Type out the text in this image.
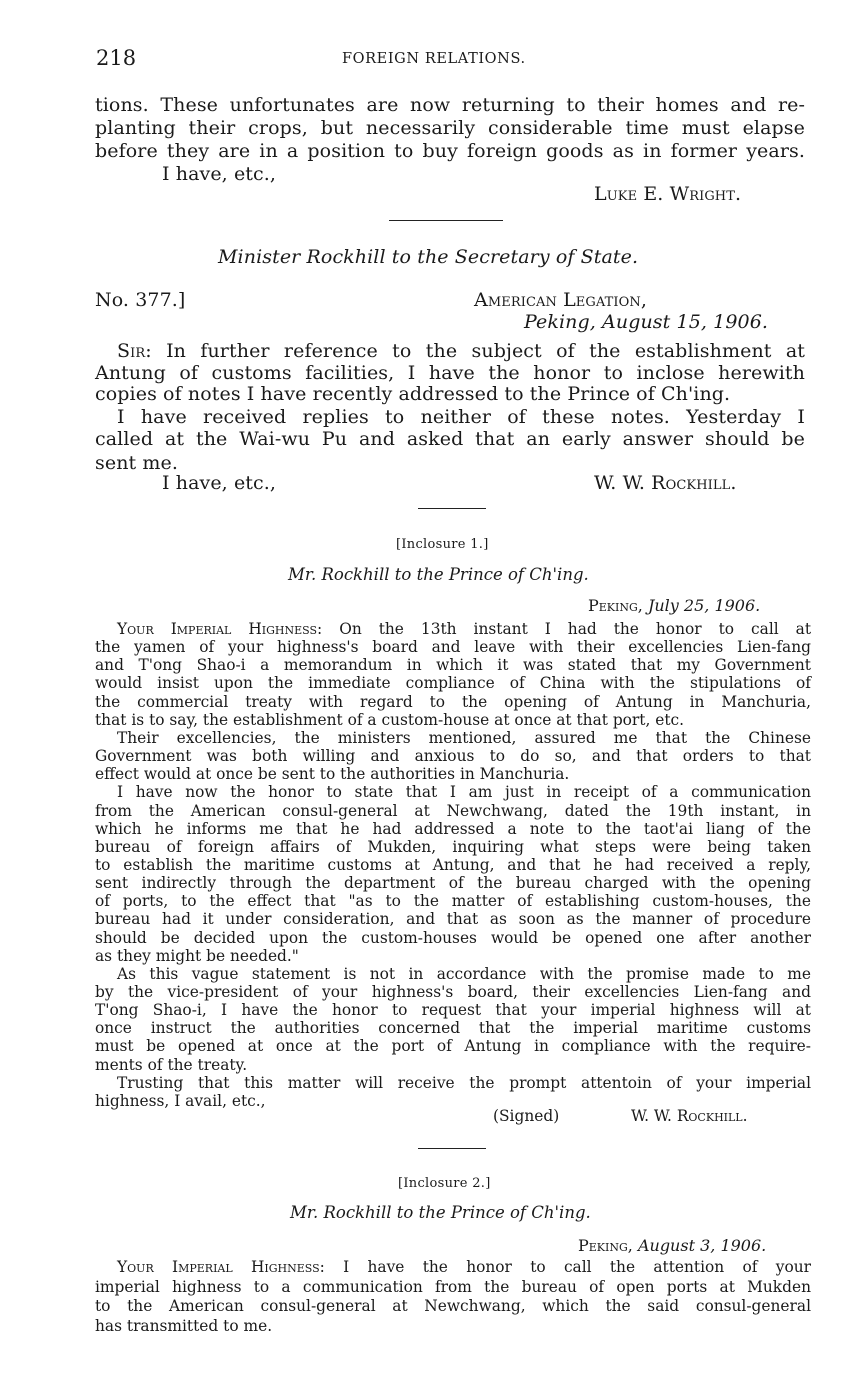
218	FOREIGN RELATIONS.
tions. These unfortunates are now returning to their homes and re-
planting their crops, but necessarily considerable time must elapse
before they are in a position to buy foreign goods as in former years.
I have, etc.,
Luke E. Wright.
Minister Rockhill to the Secretary of State.
No. 377.]	American Legation,
Peking, August 15, 1906.
Sir: In further reference to the subject of the establishment at
Antung of customs facilities, I have the honor to inclose herewith
copies of notes I have recently addressed to the Prince of Ch'ing.
I have received replies to neither of these notes. Yesterday I
called at the Wai-wu Pu and asked that an early answer should be
sent me.
I have, etc.,	W. W. Rockhill.
[Inclosure 1.]
Mr. Rockhill to the Prince of Ch'ing.
Peking, July 25, 1906.
Your Imperial Highness: On the 13th instant I had the honor to call at
the yamen of your highness's board and leave with their excellencies Lien-fang
and T'ong Shao-i a memorandum in which it was stated that my Government
would insist upon the immediate compliance of China with the stipulations of
the commercial treaty with regard to the opening of Antung in Manchuria,
that is to say, the establishment of a custom-house at once at that port, etc.
Their excellencies, the ministers mentioned, assured me that the Chinese
Government was both willing and anxious to do so, and that orders to that
effect would at once be sent to the authorities in Manchuria.
I have now the honor to state that I am just in receipt of a communication
from the American consul-general at Newchwang, dated the 19th instant, in
which he informs me that he had addressed a note to the taot'ai liang of the
bureau of foreign affairs of Mukden, inquiring what steps were being taken
to establish the maritime customs at Antung, and that he had received a reply,
sent indirectly through the department of the bureau charged with the opening
of ports, to the effect that "as to the matter of establishing custom-houses, the
bureau had it under consideration, and that as soon as the manner of procedure
should be decided upon the custom-houses would be opened one after another
as they might be needed."
As this vague statement is not in accordance with the promise made to me
by the vice-president of your highness's board, their excellencies Lien-fang and
T'ong Shao-i, I have the honor to request that your imperial highness will at
once instruct the authorities concerned that the imperial maritime customs
must be opened at once at the port of Antung in compliance with the require-
ments of the treaty.
Trusting that this matter will receive the prompt attentoin of your imperial
highness, I avail, etc.,
(Signed)	W. W. Rockhill.
[Inclosure 2.]
Mr. Rockhill to the Prince of Ch'ing.
Peking, August 3, 1906.
Your Imperial Highness: I have the honor to call the attention of your
imperial highness to a communication from the bureau of open ports at Mukden
to the American consul-general at Newchwang, which the said consul-general
has transmitted to me.
